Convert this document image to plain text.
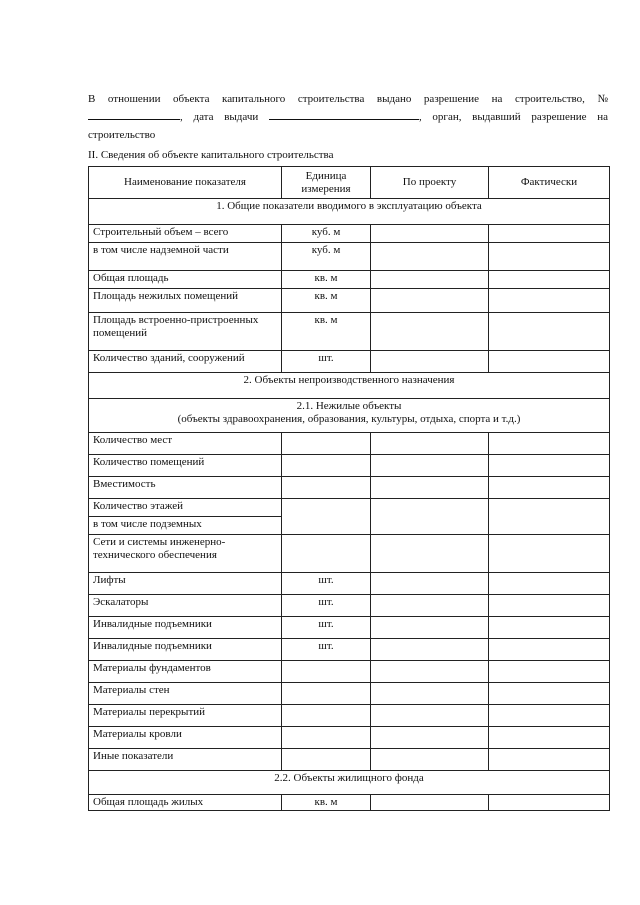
В отношении объекта капитального строительства выдано разрешение на строительство, № , дата выдачи	, орган, выдавший разрешение на строительство
II. Сведения об объекте капитального строительства
Наименование показателя	Единица измерения	По проекту	Фактически
1. Общие показатели вводимого в эксплуатацию объекта			
Строительный объем – всего	куб. м		
в том числе надземной части	куб. м		
Общая площадь	кв. м		
Площадь нежилых помещений	кв. м		
Площадь встроенно-пристроенных помещений	кв. м		
Количество зданий, сооружений	шт.		
2. Объекты непроизводственного назначения			

2.1. Нежилые объекты
(объекты здравоохранения, образования, культуры, отдыха, спорта и т.д.)			

Количество мест			
Количество помещений			
Вместимость			
Количество этажей			
в том числе подземных			
Сети и системы инженерно-технического обеспечения			
Лифты	шт.		
Эскалаторы	шт.		
Инвалидные подъемники	шт.		
Инвалидные подъемники	шт.		
Материалы фундаментов			
Материалы стен			
Материалы перекрытий			
Материалы кровли			
Иные показатели			
2.2. Объекты жилищного фонда			
Общая площадь жилых	кв. м		
